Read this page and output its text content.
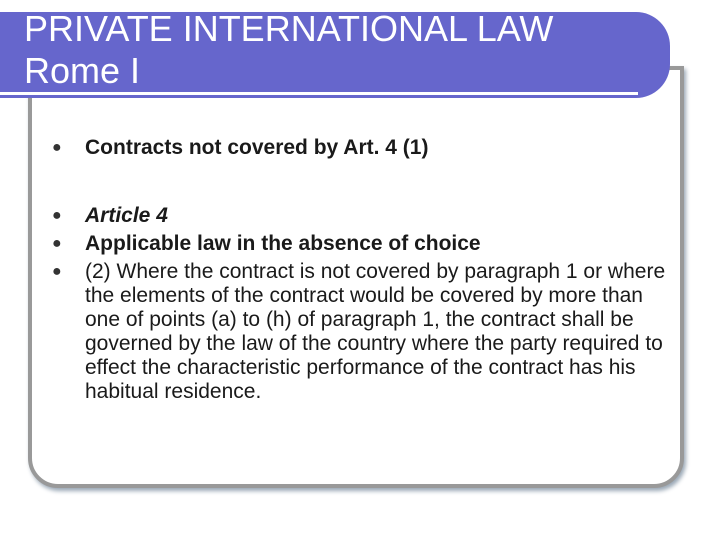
PRIVATE INTERNATIONAL LAW
Rome I
● Contracts not covered by Art. 4 (1)
● Article 4
● Applicable law in the absence of choice
● (2) Where the contract is not covered by paragraph 1 or where the elements of the contract would be covered by more than one of points (a) to (h) of paragraph 1, the contract shall be governed by the law of the country where the party required to effect the characteristic performance of the contract has his habitual residence.
